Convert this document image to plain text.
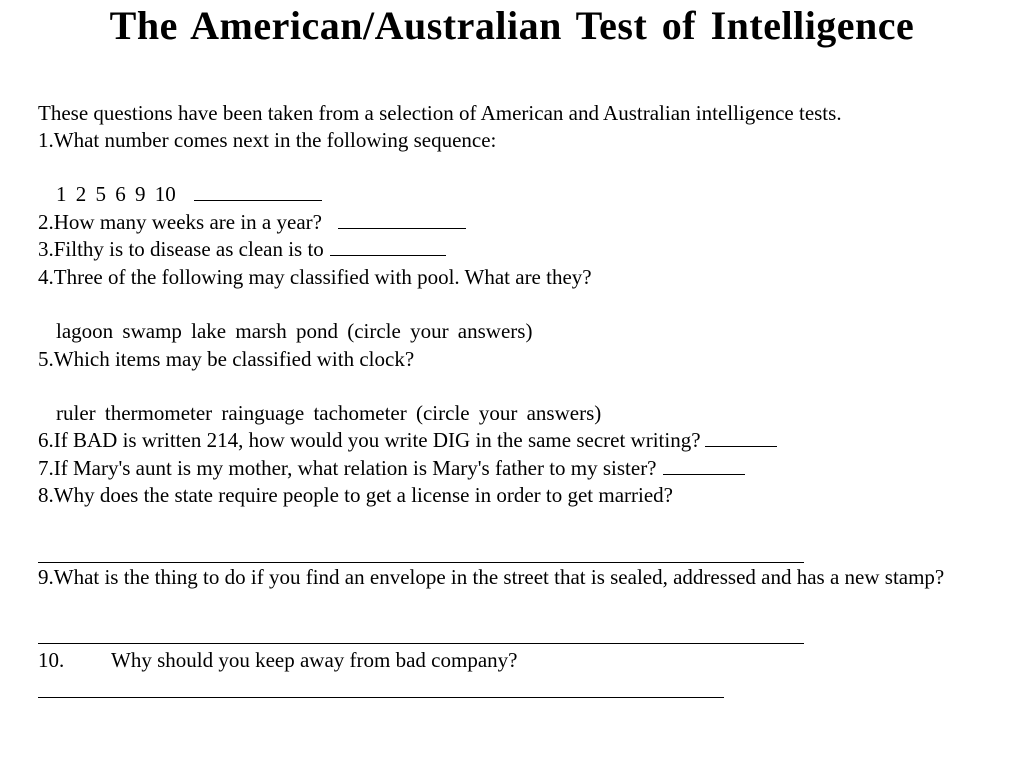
The American/Australian Test of Intelligence
These questions have been taken from a selection of American and Australian intelligence tests.
1.What number comes next in the following sequence:
1 2 5 6 9 10
2.How many weeks are in a year?
3.Filthy is to disease as clean is to
4.Three of the following may classified with pool. What are they?
lagoon swamp lake marsh pond (circle your answers)
5.Which items may be classified with clock?
ruler thermometer rainguage tachometer (circle your answers)
6.If BAD is written 214, how would you write DIG in the same secret writing?
7.If Mary's aunt is my mother, what relation is Mary's father to my sister?
8.Why does the state require people to get a license in order to get married?
9.What is the thing to do if you find an envelope in the street that is sealed, addressed and has a new stamp?
10. Why should you keep away from bad company?
